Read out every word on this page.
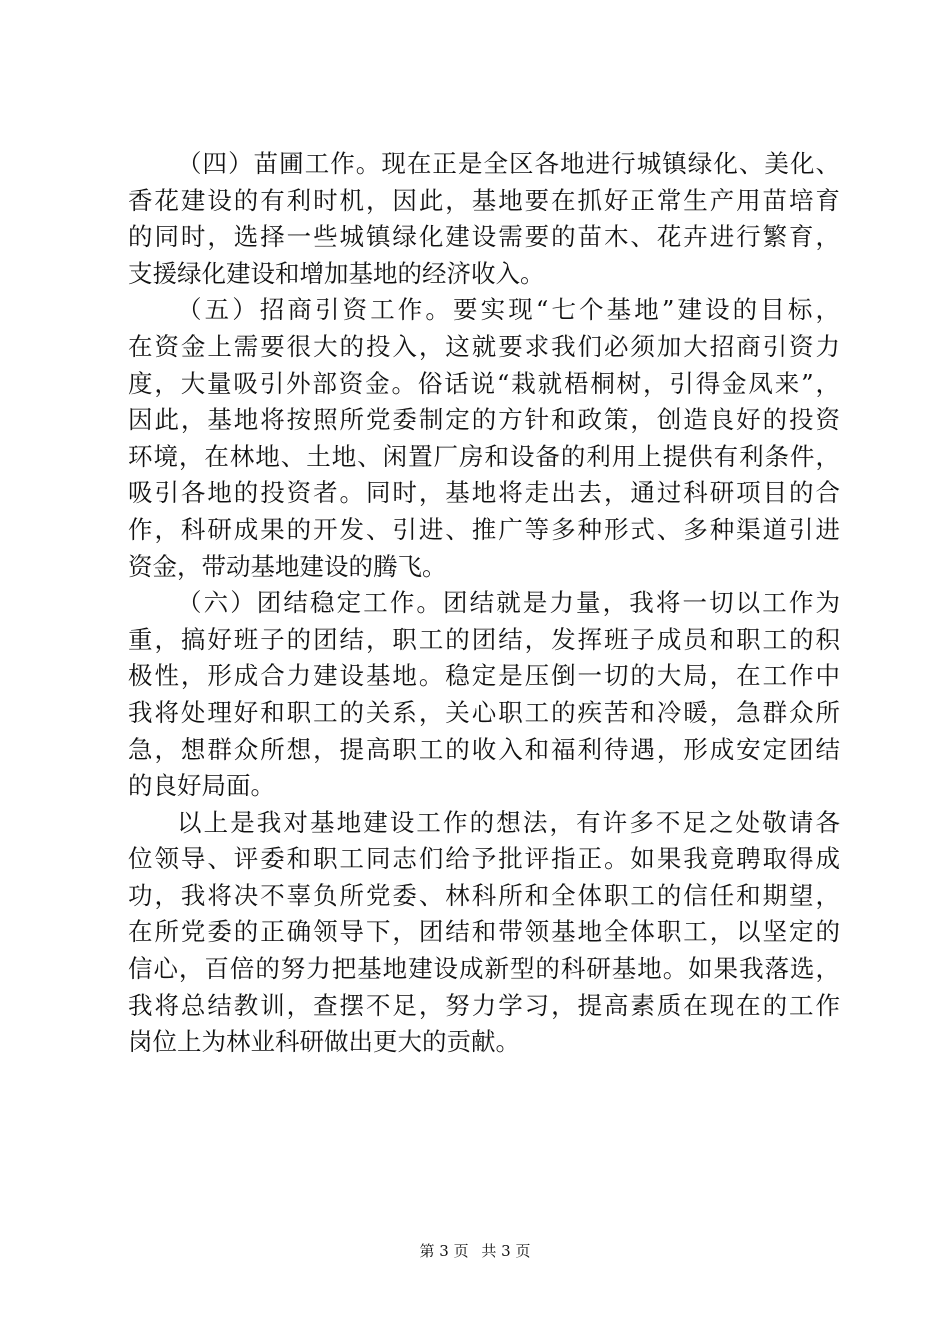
（四）苗圃工作。现在正是全区各地进行城镇绿化、美化、
香花建设的有利时机，因此，基地要在抓好正常生产用苗培育
的同时，选择一些城镇绿化建设需要的苗木、花卉进行繁育，
支援绿化建设和增加基地的经济收入。
（五）招商引资工作。要实现“七个基地”建设的目标，
在资金上需要很大的投入，这就要求我们必须加大招商引资力
度，大量吸引外部资金。俗话说“栽就梧桐树，引得金凤来”，
因此，基地将按照所党委制定的方针和政策，创造良好的投资
环境，在林地、土地、闲置厂房和设备的利用上提供有利条件，
吸引各地的投资者。同时，基地将走出去，通过科研项目的合
作，科研成果的开发、引进、推广等多种形式、多种渠道引进
资金，带动基地建设的腾飞。
（六）团结稳定工作。团结就是力量，我将一切以工作为
重，搞好班子的团结，职工的团结，发挥班子成员和职工的积
极性，形成合力建设基地。稳定是压倒一切的大局，在工作中
我将处理好和职工的关系，关心职工的疾苦和冷暖，急群众所
急，想群众所想，提高职工的收入和福利待遇，形成安定团结
的良好局面。
以上是我对基地建设工作的想法，有许多不足之处敬请各
位领导、评委和职工同志们给予批评指正。如果我竟聘取得成
功，我将决不辜负所党委、林科所和全体职工的信任和期望，
在所党委的正确领导下，团结和带领基地全体职工，以坚定的
信心，百倍的努力把基地建设成新型的科研基地。如果我落选，
我将总结教训，查摆不足，努力学习，提高素质在现在的工作
岗位上为林业科研做出更大的贡献。
第 3 页 共 3 页
